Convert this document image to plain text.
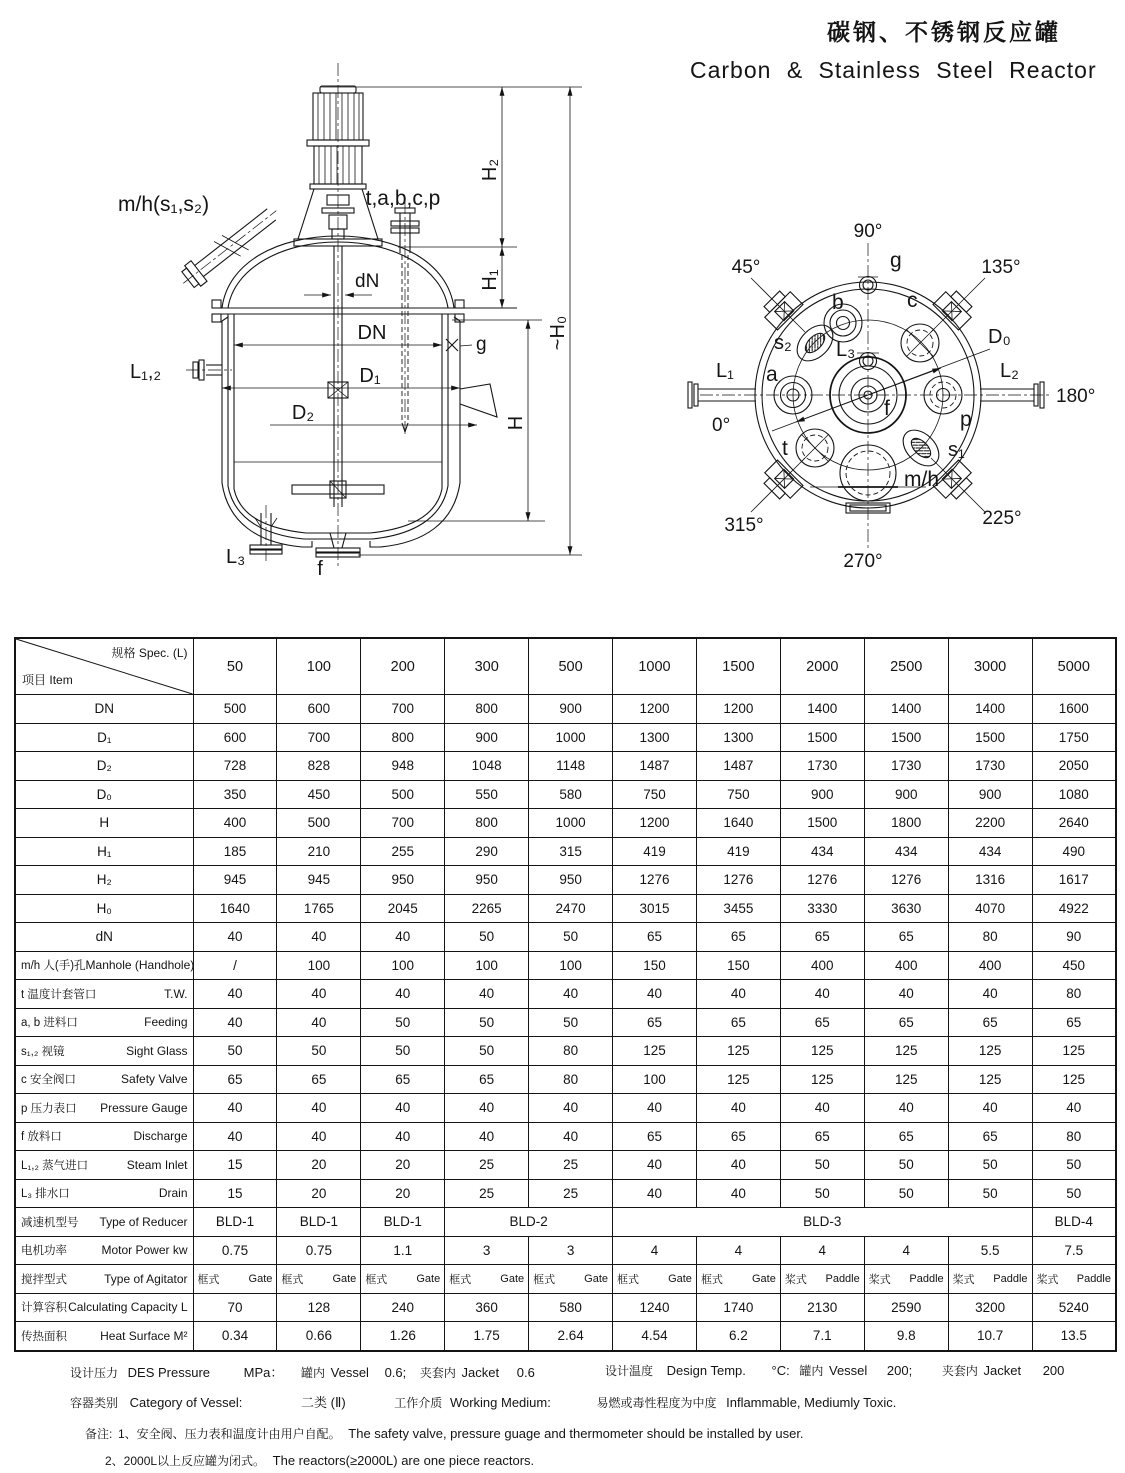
碳钢、不锈钢反应罐
Carbon & Stainless Steel Reactor
m/h(s₁,s₂)	t,a,b,c,p
dN
DN
D₁
D₂
g
L₁,₂
L₃
f
H₂
H₁
H
~H₀
90°
g
45°	135°
L₁	L₂
0°
180°
315°	225°
270°
b	c
s₂ L₃
D₀
a
f	p
t	s₁
m/h
规格 Spec. (L)
项目 Item	50	100	200	300	500	1000	1500	2000	2500	3000	5000
DN	500	600	700	800	900	1200	1200	1400	1400	1400	1600
D₁	600	700	800	900	1000	1300	1300	1500	1500	1500	1750
D₂	728	828	948	1048	1148	1487	1487	1730	1730	1730	2050
D₀	350	450	500	550	580	750	750	900	900	900	1080
H	400	500	700	800	1000	1200	1640	1500	1800	2200	2640
H₁	185	210	255	290	315	419	419	434	434	434	490
H₂	945	945	950	950	950	1276	1276	1276	1276	1316	1617
H₀	1640	1765	2045	2265	2470	3015	3455	3330	3630	4070	4922
dN	40	40	40	50	50	65	65	65	65	80	90

m/h 人(手)孔 Manhole (Handhole)	/	100	100	100	100	150	150	400	400	400	450

t 温度计套管口 T.W.	40	40	40	40	40	40	40	40	40	40	80

a, b 进料口 Feeding	40	40	50	50	50	65	65	65	65	65	65

s₁,₂ 视镜 Sight Glass	50	50	50	50	80	125	125	125	125	125	125

c 安全阀口 Safety Valve	65	65	65	65	80	100	125	125	125	125	125

p 压力表口 Pressure Gauge	40	40	40	40	40	40	40	40	40	40	40

f 放料口 Discharge	40	40	40	40	40	65	65	65	65	65	80

L₁,₂ 蒸气进口 Steam Inlet	15	20	20	25	25	40	40	50	50	50	50

L₃ 排水口 Drain	15	20	20	25	25	40	40	50	50	50	50

减速机型号 Type of Reducer	BLD-1	BLD-1	BLD-1	BLD-2		BLD-3					BLD-4

电机功率 Motor Power kw	0.75	0.75	1.1	3	3	4	4	4	4	5.5	7.5

搅拌型式 Type of Agitator	框式 Gate	框式 Gate	框式 Gate	框式 Gate	框式 Gate	框式 Gate	框式 Gate	桨式 Paddle	桨式 Paddle	桨式 Paddle	桨式 Paddle

计算容积 Calculating Capacity L	70	128	240	360	580	1240	1740	2130	2590	3200	5240

传热面积 Heat Surface M²	0.34	0.66	1.26	1.75	2.64	4.54	6.2	7.1	9.8	10.7	13.5
设计压力 DES Pressure	MPa： 罐内 Vessel 0.6; 夹套内 Jacket 0.6	设计温度 Design Temp. °C: 罐内 Vessel 200; 夹套内 Jacket 200
容器类别 Category of Vessel:	二类 (Ⅱ)	工作介质 Working Medium:	易燃或毒性程度为中度 Inflammable, Mediumly Toxic.
备注: 1、安全阀、压力表和温度计由用户自配。 The safety valve, pressure guage and thermometer should be installed by user.
2、2000L以上反应罐为闭式。 The reactors(≥2000L) are one piece reactors.
